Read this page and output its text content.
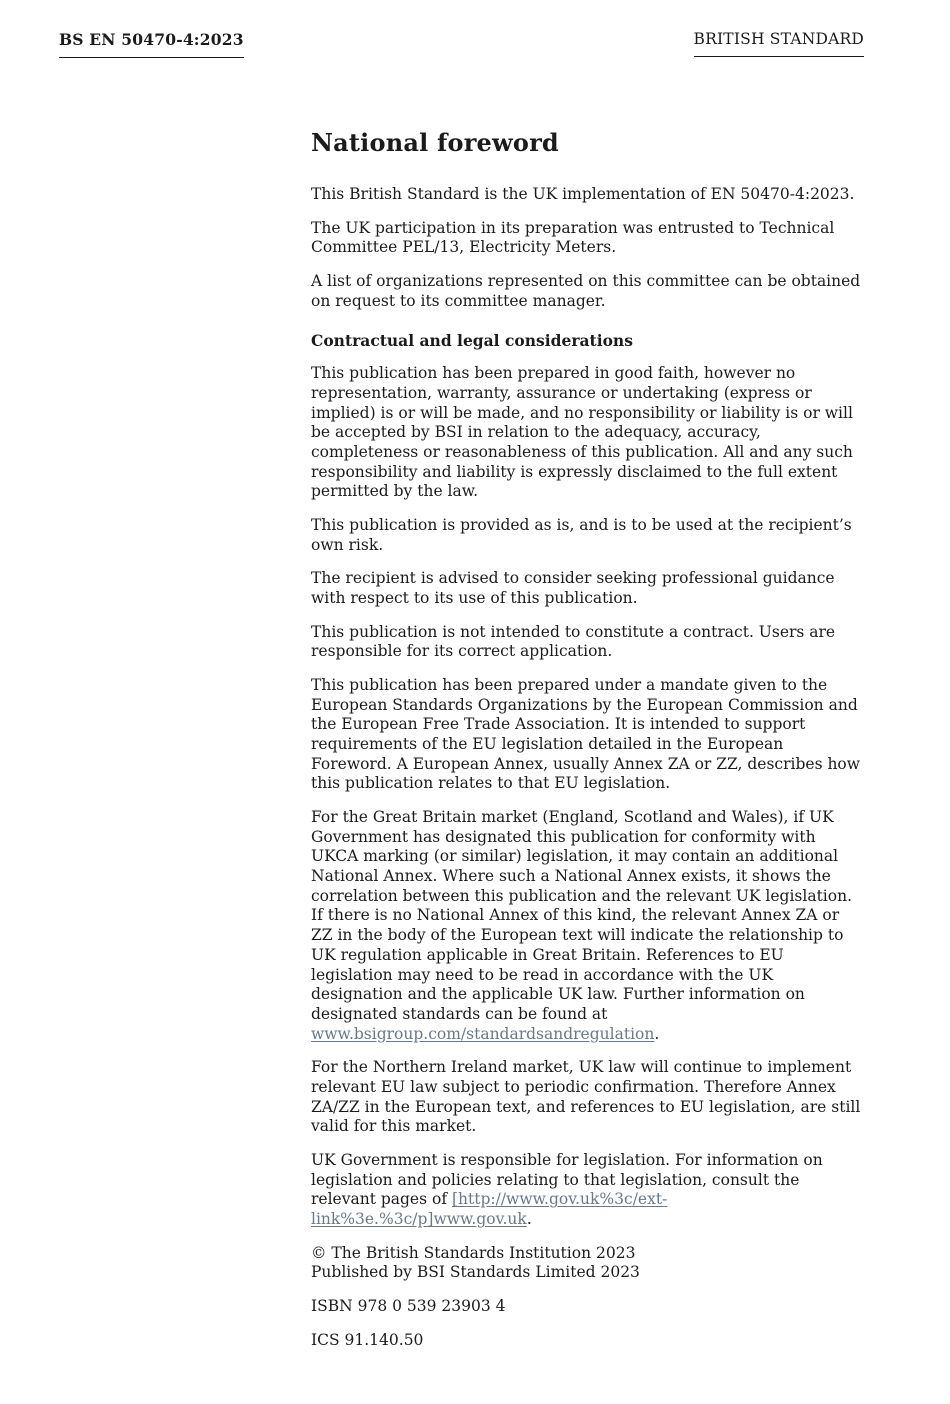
BS EN 50470-4:2023	BRITISH STANDARD
National foreword

This British Standard is the UK implementation of EN 50470-4:2023.

The UK participation in its preparation was entrusted to Technical Committee PEL/13, Electricity Meters.

A list of organizations represented on this committee can be obtained on request to its committee manager.

Contractual and legal considerations

This publication has been prepared in good faith, however no representation, warranty, assurance or undertaking (express or implied) is or will be made, and no responsibility or liability is or will be accepted by BSI in relation to the adequacy, accuracy, completeness or reasonableness of this publication. All and any such responsibility and liability is expressly disclaimed to the full extent permitted by the law.

This publication is provided as is, and is to be used at the recipient’s own risk.

The recipient is advised to consider seeking professional guidance with respect to its use of this publication.

This publication is not intended to constitute a contract. Users are responsible for its correct application.

This publication has been prepared under a mandate given to the European Standards Organizations by the European Commission and the European Free Trade Association. It is intended to support requirements of the EU legislation detailed in the European Foreword. A European Annex, usually Annex ZA or ZZ, describes how this publication relates to that EU legislation.

For the Great Britain market (England, Scotland and Wales), if UK Government has designated this publication for conformity with UKCA marking (or similar) legislation, it may contain an additional National Annex. Where such a National Annex exists, it shows the correlation between this publication and the relevant UK legislation. If there is no National Annex of this kind, the relevant Annex ZA or ZZ in the body of the European text will indicate the relationship to UK regulation applicable in Great Britain. References to EU legislation may need to be read in accordance with the UK designation and the applicable UK law. Further information on designated standards can be found at www.bsigroup.com/standardsandregulation.

For the Northern Ireland market, UK law will continue to implement relevant EU law subject to periodic confirmation. Therefore Annex ZA/ZZ in the European text, and references to EU legislation, are still valid for this market.

UK Government is responsible for legislation. For information on legislation and policies relating to that legislation, consult the relevant pages of [http://www.gov.uk%3c/ext-link%3e.%3c/p]www.gov.uk.

© The British Standards Institution 2023

Published by BSI Standards Limited 2023

ISBN 978 0 539 23903 4

ICS 91.140.50
